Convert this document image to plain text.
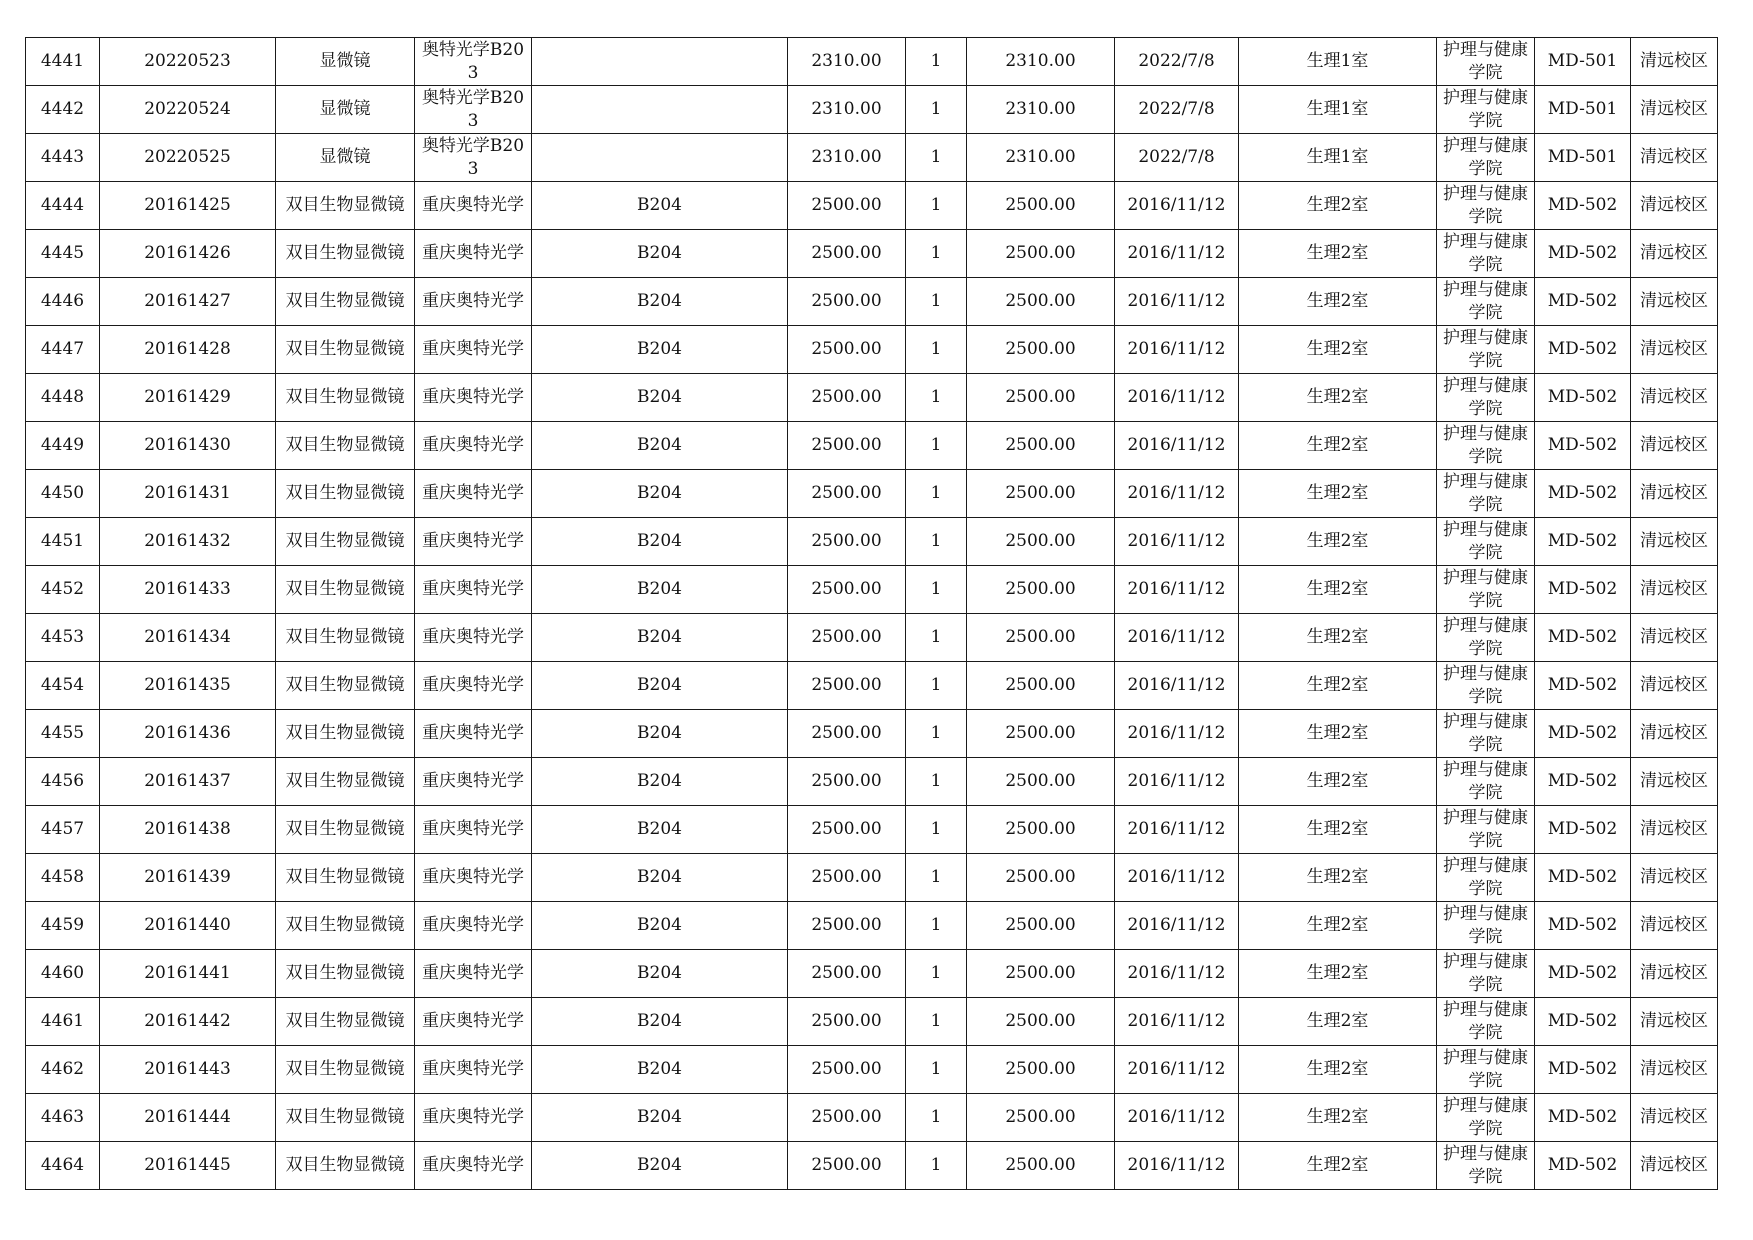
4441	20220523	显微镜	奥特光学B203		2310.00	1	2310.00	2022/7/8	生理1室	护理与健康学院	MD-501	清远校区
4442	20220524	显微镜	奥特光学B203		2310.00	1	2310.00	2022/7/8	生理1室	护理与健康学院	MD-501	清远校区
4443	20220525	显微镜	奥特光学B203		2310.00	1	2310.00	2022/7/8	生理1室	护理与健康学院	MD-501	清远校区
4444	20161425	双目生物显微镜	重庆奥特光学	B204	2500.00	1	2500.00	2016/11/12	生理2室	护理与健康学院	MD-502	清远校区
4445	20161426	双目生物显微镜	重庆奥特光学	B204	2500.00	1	2500.00	2016/11/12	生理2室	护理与健康学院	MD-502	清远校区
4446	20161427	双目生物显微镜	重庆奥特光学	B204	2500.00	1	2500.00	2016/11/12	生理2室	护理与健康学院	MD-502	清远校区
4447	20161428	双目生物显微镜	重庆奥特光学	B204	2500.00	1	2500.00	2016/11/12	生理2室	护理与健康学院	MD-502	清远校区
4448	20161429	双目生物显微镜	重庆奥特光学	B204	2500.00	1	2500.00	2016/11/12	生理2室	护理与健康学院	MD-502	清远校区
4449	20161430	双目生物显微镜	重庆奥特光学	B204	2500.00	1	2500.00	2016/11/12	生理2室	护理与健康学院	MD-502	清远校区
4450	20161431	双目生物显微镜	重庆奥特光学	B204	2500.00	1	2500.00	2016/11/12	生理2室	护理与健康学院	MD-502	清远校区
4451	20161432	双目生物显微镜	重庆奥特光学	B204	2500.00	1	2500.00	2016/11/12	生理2室	护理与健康学院	MD-502	清远校区
4452	20161433	双目生物显微镜	重庆奥特光学	B204	2500.00	1	2500.00	2016/11/12	生理2室	护理与健康学院	MD-502	清远校区
4453	20161434	双目生物显微镜	重庆奥特光学	B204	2500.00	1	2500.00	2016/11/12	生理2室	护理与健康学院	MD-502	清远校区
4454	20161435	双目生物显微镜	重庆奥特光学	B204	2500.00	1	2500.00	2016/11/12	生理2室	护理与健康学院	MD-502	清远校区
4455	20161436	双目生物显微镜	重庆奥特光学	B204	2500.00	1	2500.00	2016/11/12	生理2室	护理与健康学院	MD-502	清远校区
4456	20161437	双目生物显微镜	重庆奥特光学	B204	2500.00	1	2500.00	2016/11/12	生理2室	护理与健康学院	MD-502	清远校区
4457	20161438	双目生物显微镜	重庆奥特光学	B204	2500.00	1	2500.00	2016/11/12	生理2室	护理与健康学院	MD-502	清远校区
4458	20161439	双目生物显微镜	重庆奥特光学	B204	2500.00	1	2500.00	2016/11/12	生理2室	护理与健康学院	MD-502	清远校区
4459	20161440	双目生物显微镜	重庆奥特光学	B204	2500.00	1	2500.00	2016/11/12	生理2室	护理与健康学院	MD-502	清远校区
4460	20161441	双目生物显微镜	重庆奥特光学	B204	2500.00	1	2500.00	2016/11/12	生理2室	护理与健康学院	MD-502	清远校区
4461	20161442	双目生物显微镜	重庆奥特光学	B204	2500.00	1	2500.00	2016/11/12	生理2室	护理与健康学院	MD-502	清远校区
4462	20161443	双目生物显微镜	重庆奥特光学	B204	2500.00	1	2500.00	2016/11/12	生理2室	护理与健康学院	MD-502	清远校区
4463	20161444	双目生物显微镜	重庆奥特光学	B204	2500.00	1	2500.00	2016/11/12	生理2室	护理与健康学院	MD-502	清远校区
4464	20161445	双目生物显微镜	重庆奥特光学	B204	2500.00	1	2500.00	2016/11/12	生理2室	护理与健康学院	MD-502	清远校区
